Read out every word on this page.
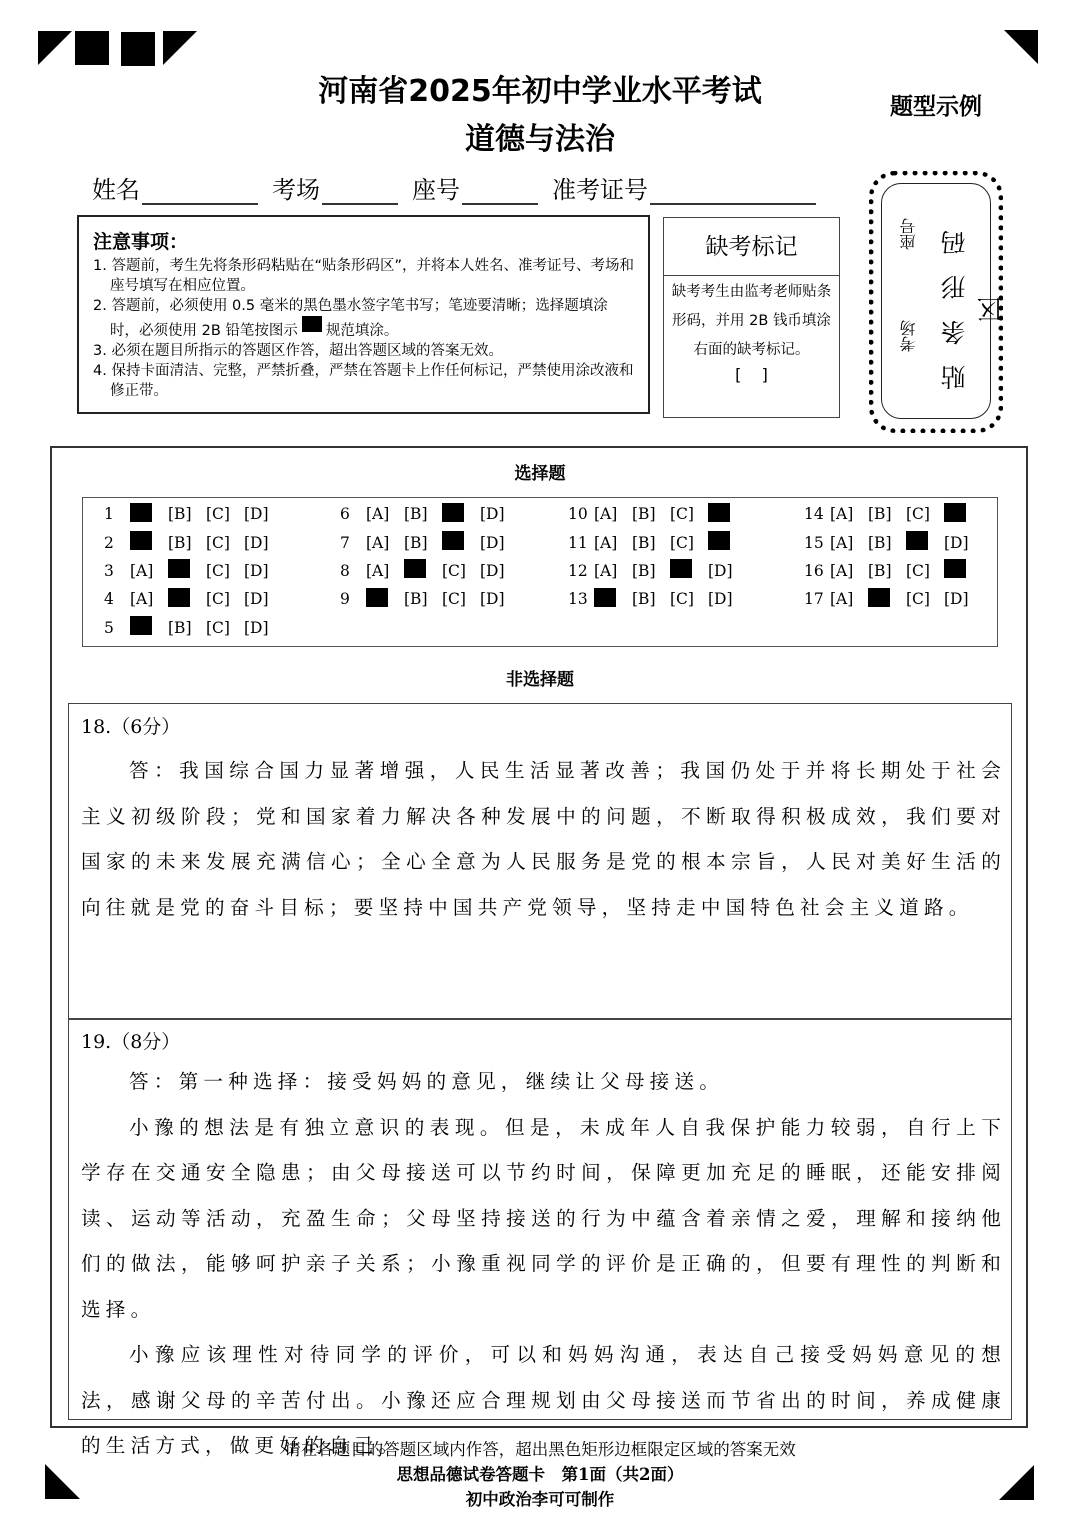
河南省2025年初中学业水平考试
道德与法治
题型示例
姓名	考场	座号	准考证号
注意事项：
1. 答题前，考生先将条形码粘贴在“贴条形码区”，并将本人姓名、准考证号、考场和座号填写在相应位置。
2. 答题前，必须使用 0.5 毫米的黑色墨水签字笔书写；笔迹要清晰；选择题填涂时，必须使用 2B 铅笔按图示 规范填涂。
3. 必须在题目所指示的答题区作答，超出答题区域的答案无效。
4. 保持卡面清洁、完整，严禁折叠，严禁在答题卡上作任何标记，严禁使用涂改液和修正带。
缺考标记
缺考考生由监考老师贴条形码，并用 2B 钱币填涂右面的缺考标记。
[    ]	贴条形码区
座号
考场
选择题
1	[B] [C] [D]
2	[B] [C] [D]
3	[A]	[C] [D]
4	[A]	[C] [D]
5	[B] [C] [D]
6	[A] [B]	[D]
7	[A] [B]	[D]
8	[A]	[C] [D]
9	[B] [C] [D]
10 [A] [B] [C]
11 [A] [B] [C]
12 [A] [B]	[D]
13	[B] [C] [D]
14 [A] [B] [C]
15 [A] [B]	[D]
16 [A] [B] [C]
17 [A]	[C] [D]
非选择题
18.（6分）

答：我国综合国力显著增强，人民生活显著改善；我国仍处于并将长期处于社会主义初级阶段；党和国家着力解决各种发展中的问题，不断取得积极成效，我们要对国家的未来发展充满信心；全心全意为人民服务是党的根本宗旨，人民对美好生活的向往就是党的奋斗目标；要坚持中国共产党领导，坚持走中国特色社会主义道路。

19.（8分）

答：第一种选择：接受妈妈的意见，继续让父母接送。

小豫的想法是有独立意识的表现。但是，未成年人自我保护能力较弱，自行上下学存在交通安全隐患；由父母接送可以节约时间，保障更加充足的睡眠，还能安排阅读、运动等活动，充盈生命；父母坚持接送的行为中蕴含着亲情之爱，理解和接纳他们的做法，能够呵护亲子关系；小豫重视同学的评价是正确的，但要有理性的判断和选择。

小豫应该理性对待同学的评价，可以和妈妈沟通，表达自己接受妈妈意见的想法，感谢父母的辛苦付出。小豫还应合理规划由父母接送而节省出的时间，养成健康的生活方式，做更好的自己。

请在各题目的答题区域内作答，超出黑色矩形边框限定区域的答案无效
思想品德试卷答题卡　第1面（共2面）
初中政治李可可制作
